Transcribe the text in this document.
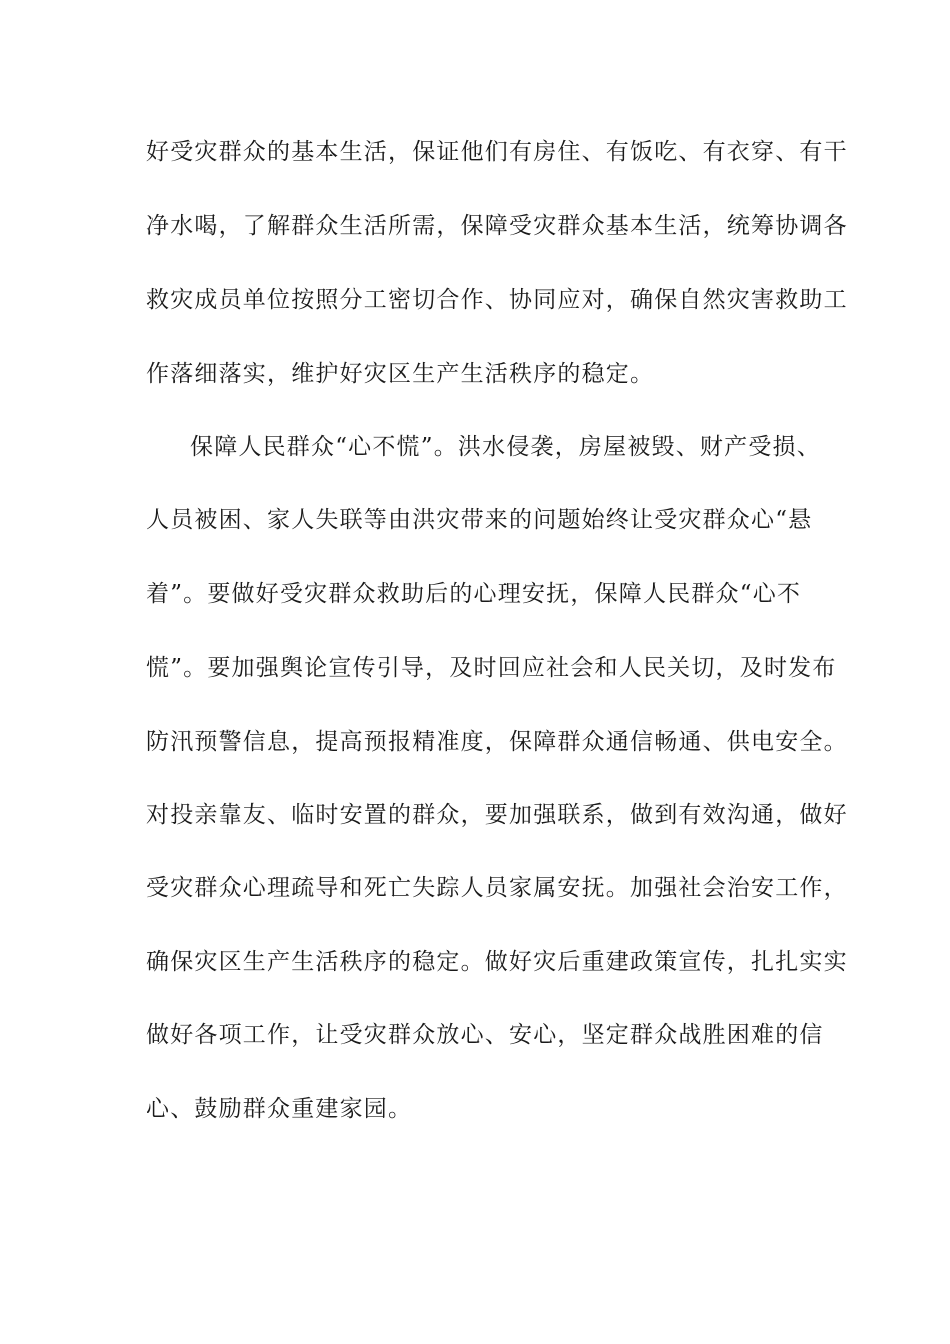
好受灾群众的基本生活，保证他们有房住、有饭吃、有衣穿、有干

净水喝，了解群众生活所需，保障受灾群众基本生活，统筹协调各

救灾成员单位按照分工密切合作、协同应对，确保自然灾害救助工

作落细落实，维护好灾区生产生活秩序的稳定。

保障人民群众“心不慌”。洪水侵袭，房屋被毁、财产受损、

人员被困、家人失联等由洪灾带来的问题始终让受灾群众心“悬

着”。要做好受灾群众救助后的心理安抚，保障人民群众“心不

慌”。要加强舆论宣传引导，及时回应社会和人民关切，及时发布

防汛预警信息，提高预报精准度，保障群众通信畅通、供电安全。

对投亲靠友、临时安置的群众，要加强联系，做到有效沟通，做好

受灾群众心理疏导和死亡失踪人员家属安抚。加强社会治安工作，

确保灾区生产生活秩序的稳定。做好灾后重建政策宣传，扎扎实实

做好各项工作，让受灾群众放心、安心，坚定群众战胜困难的信

心、鼓励群众重建家园。
